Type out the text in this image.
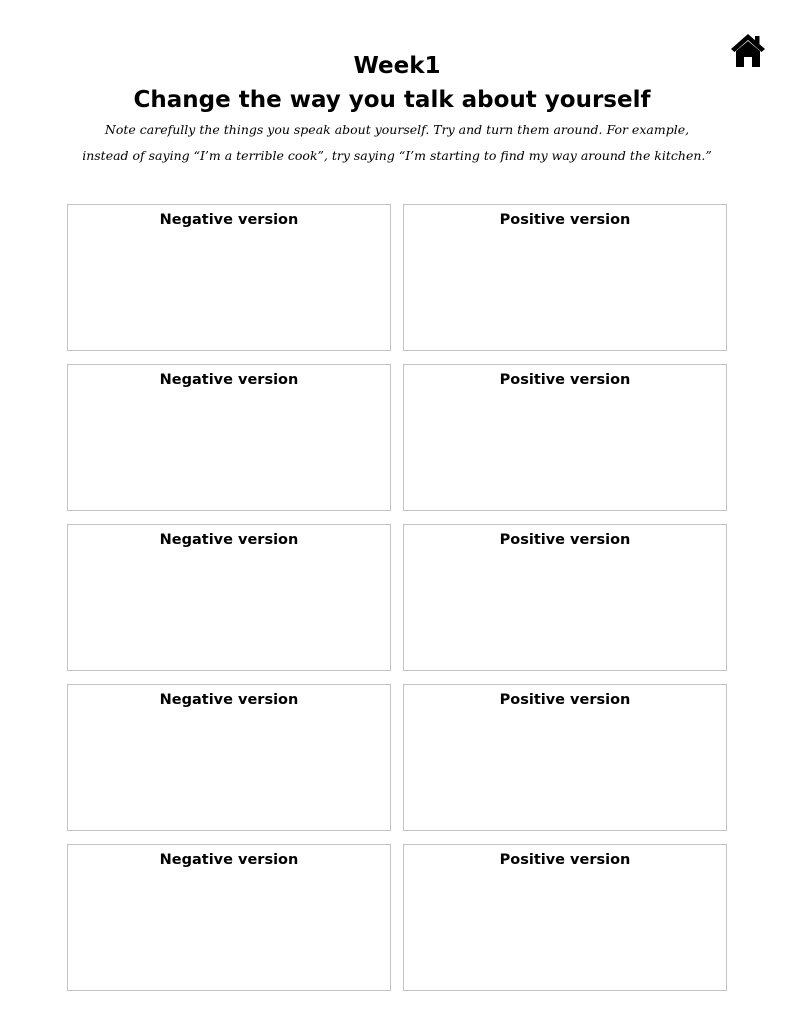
Week1
Change the way you talk about yourself

Note carefully the things you speak about yourself. Try and turn them around. For example, instead of saying “I’m a terrible cook”, try saying “I’m starting to find my way around the kitchen.”

Negative version	Positive version
Negative version	Positive version
Negative version	Positive version
Negative version	Positive version
Negative version	Positive version
